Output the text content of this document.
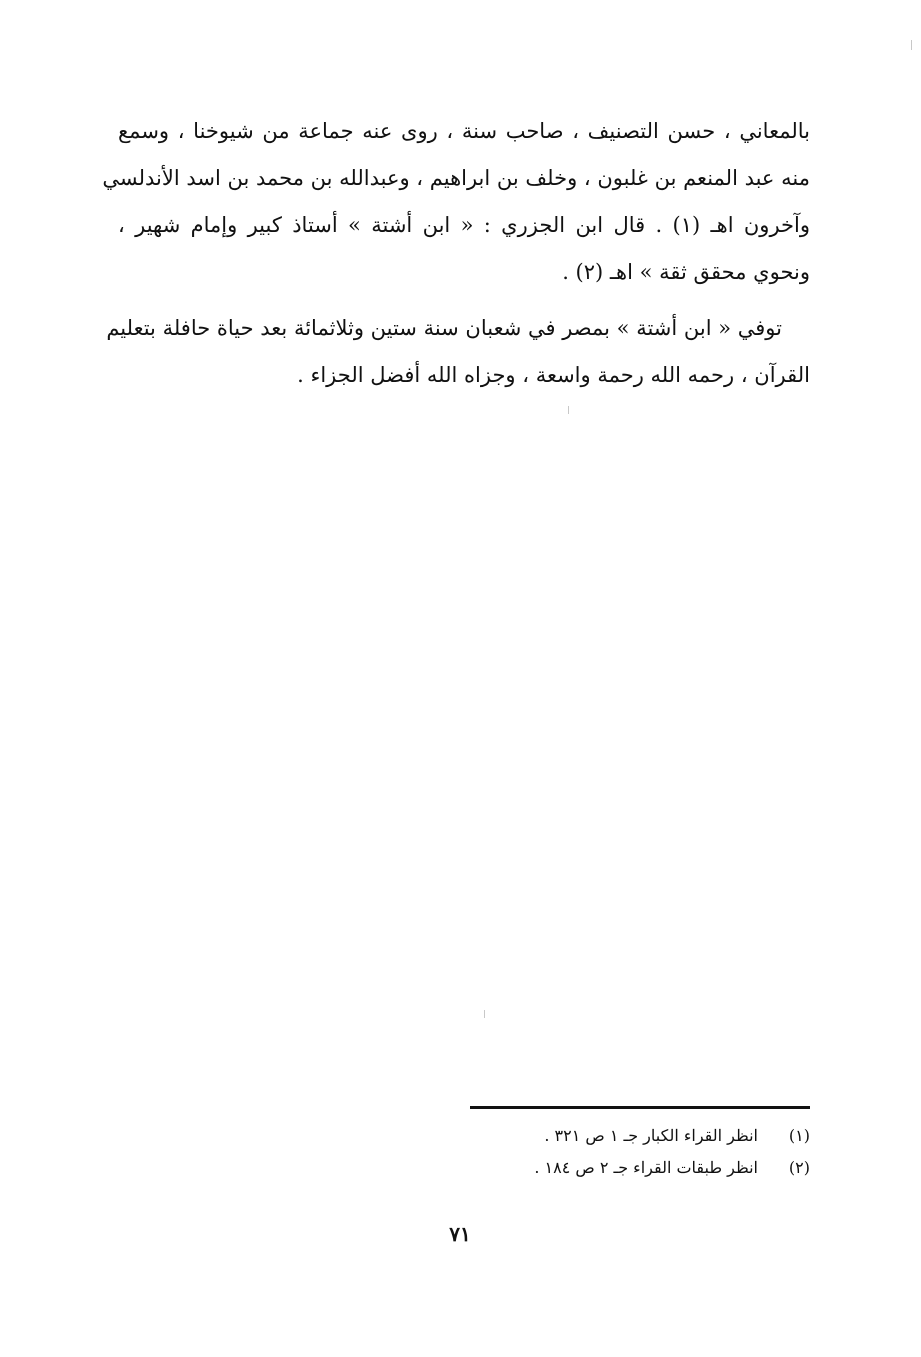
بالمعاني ، حسن التصنيف ، صاحب سنة ، روى عنه جماعة من شيوخنا ، وسمع
منه عبد المنعم بن غلبون ، وخلف بن ابراهيم ، وعبدالله بن محمد بن اسد الأندلسي
وآخرون اهـ (١) . قال ابن الجزري : « ابن أشتة » أستاذ كبير وإمام شهير ،
ونحوي محقق ثقة » اهـ (٢) .
توفي « ابن أشتة » بمصر في شعبان سنة ستين وثلاثمائة بعد حياة حافلة بتعليم
القرآن ، رحمه الله رحمة واسعة ، وجزاه الله أفضل الجزاء .
(١)
انظر القراء الكبار جـ ١ ص ٣٢١ .
(٢)
انظر طبقات القراء جـ ٢ ص ١٨٤ .
٧١
